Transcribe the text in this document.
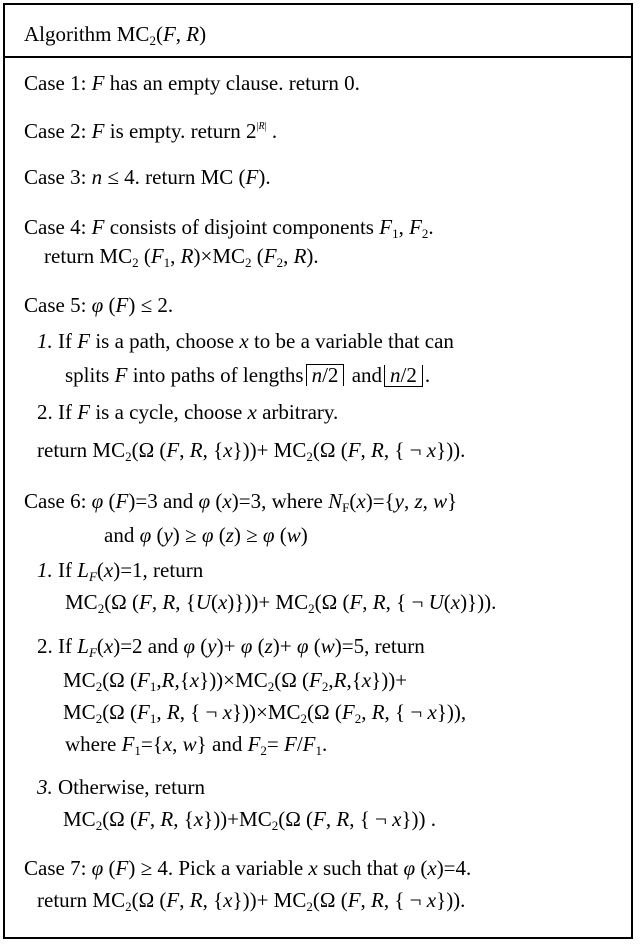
Algorithm $MC_2(F$, R)
Case 1: F has an empty clause. return 0.
Case 2: F is empty. return $2^{|R|}$ .
Case 3: n ≤ 4. return MC (F).
Case 4: F consists of disjoint components $F_1$, $F_2$.
return $MC_2$ ($F_1$, $R)\times MC_2$ ($F_2$, R).
Case 5: φ (F) ≤ 2.
1. If F is a path, choose x to be a variable that can
splits F into paths of lengths n/2 and n/2 .
2. If F is a cycle, choose x arbitrary.
return $MC_2(\Omega$ (F, R, $\{x\}))+ MC_2(\Omega$ (F, R, { ¬ x})).
Case 6: φ (F)=3 and φ (x)=3, where $N_F(x)=\{y$, z, w}
and φ (y) ≥ φ (z) ≥ φ (w)
1. If $L_F(x)=1$, return
$MC_2(\Omega$ (F, R, $\{U(x)\}))+ MC_2(\Omega$ (F, R, { ¬ U(x)})).
2. If $L_F(x)=2$ and φ (y)+ φ (z)+ φ (w)=5, return
$MC_2(\Omega$ $(F_1,R,\{x\}))\times MC_2(\Omega$ $(F_2,R,\{x\}))+$
$MC_2(\Omega$ ($F_1$, R, { ¬ $x\}))\times MC_2(\Omega$ ($F_2$, R, { ¬ x})),
where $F_1=\{x$, w} and $F_2= F/F_1$.
3. Otherwise, return
$MC_2(\Omega$ (F, R, $\{x\}))+MC_2(\Omega$ (F, R, { ¬ x})) .
Case 7: φ (F) ≥ 4. Pick a variable x such that φ (x)=4.
return $MC_2(\Omega$ (F, R, $\{x\}))+ MC_2(\Omega$ (F, R, { ¬ x})).
